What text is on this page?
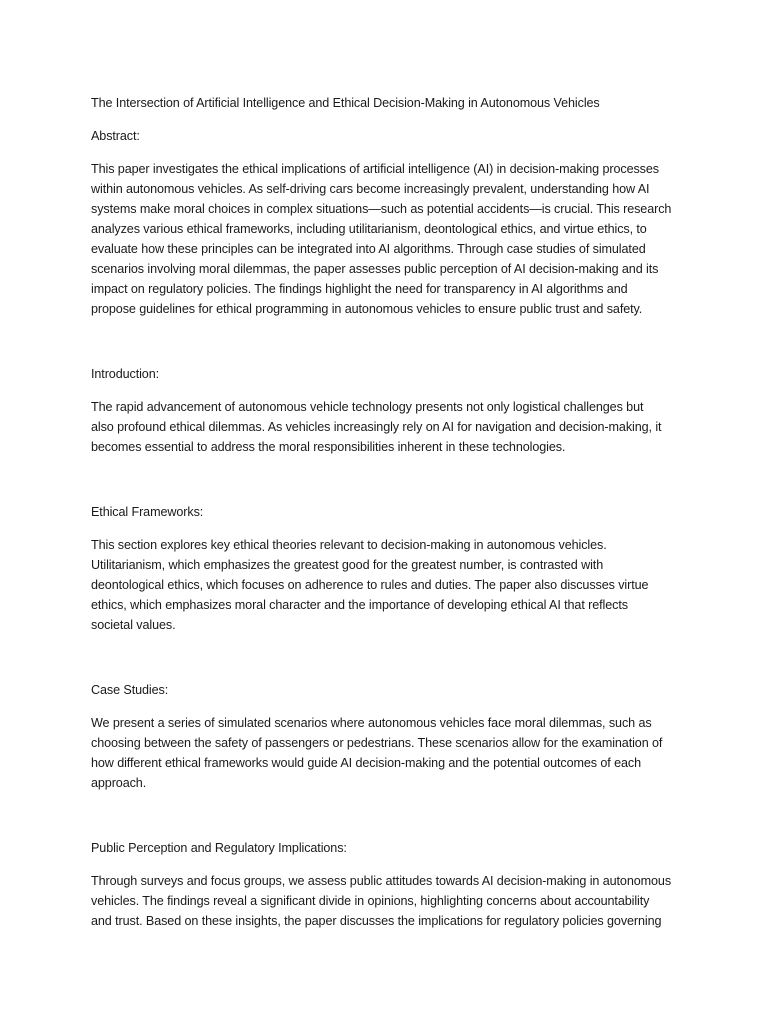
The Intersection of Artificial Intelligence and Ethical Decision-Making in Autonomous Vehicles

Abstract:

This paper investigates the ethical implications of artificial intelligence (AI) in decision-making processes
within autonomous vehicles. As self-driving cars become increasingly prevalent, understanding how AI
systems make moral choices in complex situations—such as potential accidents—is crucial. This research
analyzes various ethical frameworks, including utilitarianism, deontological ethics, and virtue ethics, to
evaluate how these principles can be integrated into AI algorithms. Through case studies of simulated
scenarios involving moral dilemmas, the paper assesses public perception of AI decision-making and its
impact on regulatory policies. The findings highlight the need for transparency in AI algorithms and
propose guidelines for ethical programming in autonomous vehicles to ensure public trust and safety.

Introduction:

The rapid advancement of autonomous vehicle technology presents not only logistical challenges but
also profound ethical dilemmas. As vehicles increasingly rely on AI for navigation and decision-making, it
becomes essential to address the moral responsibilities inherent in these technologies.

Ethical Frameworks:

This section explores key ethical theories relevant to decision-making in autonomous vehicles.
Utilitarianism, which emphasizes the greatest good for the greatest number, is contrasted with
deontological ethics, which focuses on adherence to rules and duties. The paper also discusses virtue
ethics, which emphasizes moral character and the importance of developing ethical AI that reflects
societal values.

Case Studies:

We present a series of simulated scenarios where autonomous vehicles face moral dilemmas, such as
choosing between the safety of passengers or pedestrians. These scenarios allow for the examination of
how different ethical frameworks would guide AI decision-making and the potential outcomes of each
approach.

Public Perception and Regulatory Implications:

Through surveys and focus groups, we assess public attitudes towards AI decision-making in autonomous
vehicles. The findings reveal a significant divide in opinions, highlighting concerns about accountability
and trust. Based on these insights, the paper discusses the implications for regulatory policies governing
